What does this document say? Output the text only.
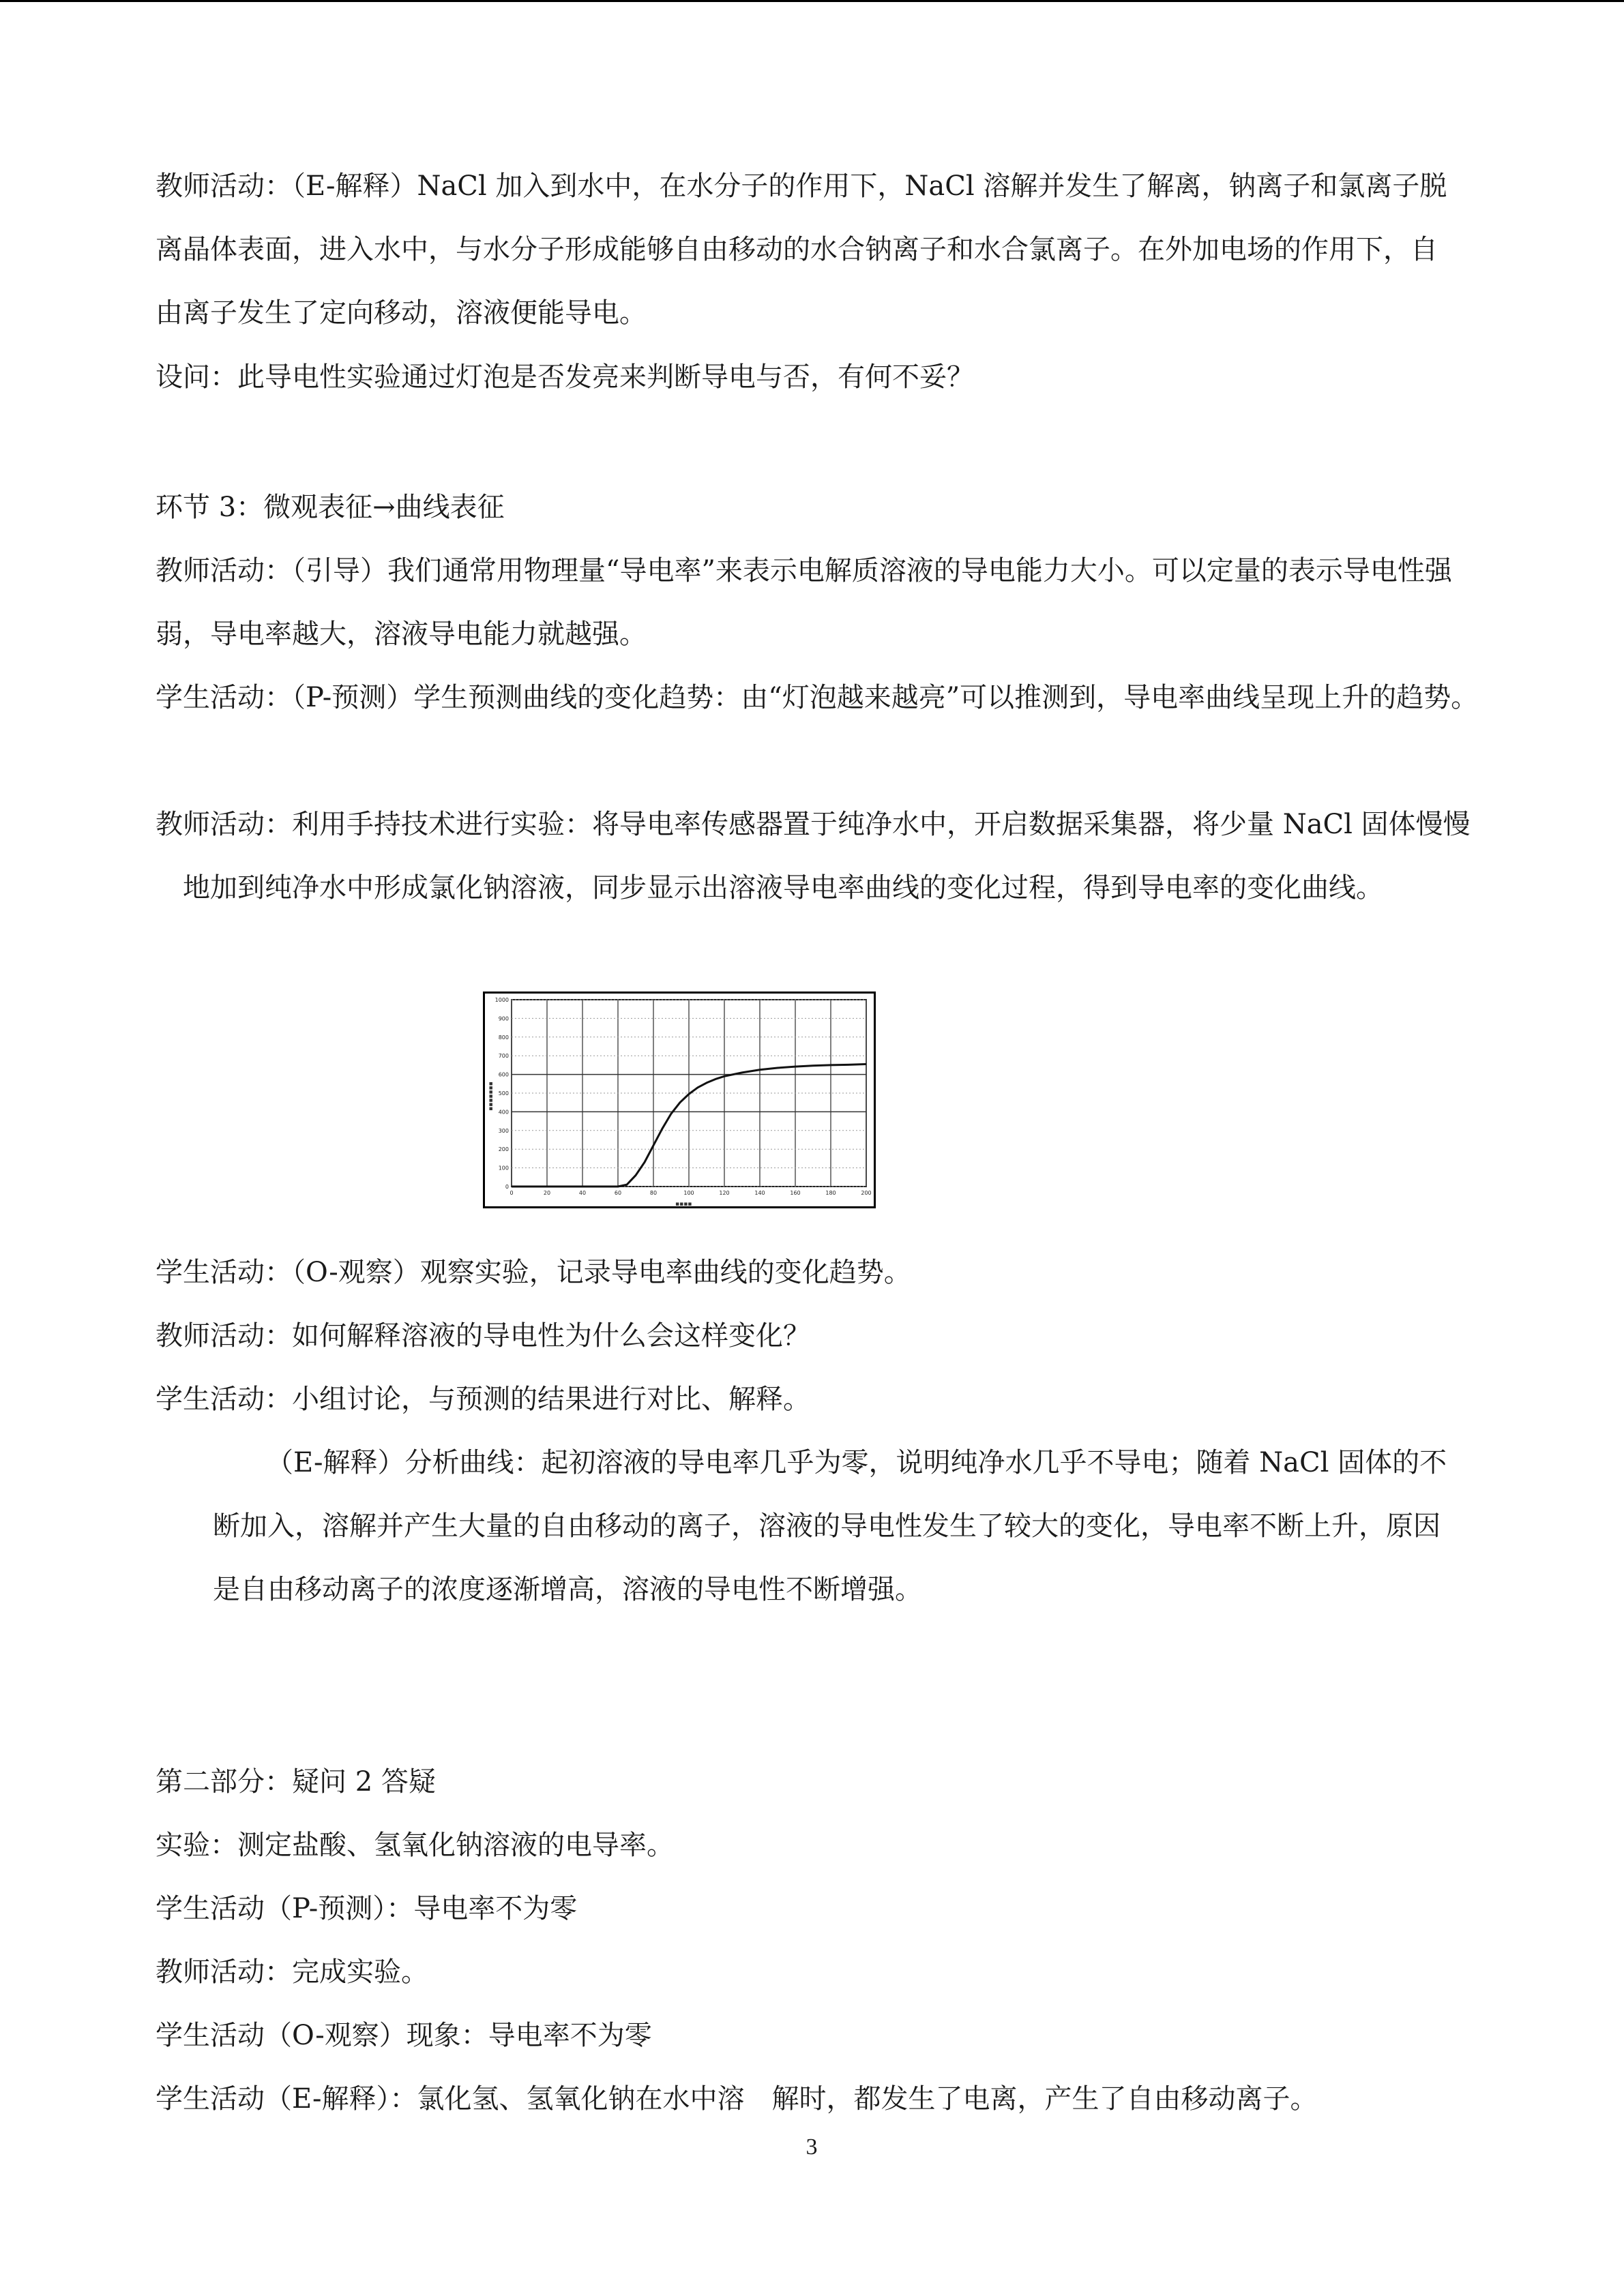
教师活动：（E-解释）NaCl 加入到水中，在水分子的作用下，NaCl 溶解并发生了解离，钠离子和氯离子脱离晶体表面，进入水中，与水分子形成能够自由移动的水合钠离子和水合氯离子。在外加电场的作用下，自由离子发生了定向移动，溶液便能导电。

设问：此导电性实验通过灯泡是否发亮来判断导电与否，有何不妥？

环节 3：微观表征→曲线表征

教师活动：（引导）我们通常用物理量“导电率”来表示电解质溶液的导电能力大小。可以定量的表示导电性强弱，导电率越大，溶液导电能力就越强。

学生活动：（P-预测）学生预测曲线的变化趋势：由“灯泡越来越亮”可以推测到，导电率曲线呈现上升的趋势。

教师活动：利用手持技术进行实验：将导电率传感器置于纯净水中，开启数据采集器，将少量 NaCl 固体慢慢地加到纯净水中形成氯化钠溶液，同步显示出溶液导电率曲线的变化过程，得到导电率的变化曲线。

0	20	40	60	80	100	120	140	160	180	200
0
100
200
300
400
500
600
700
800
900
1000
▪▪▪▪▪▪▪
▪▪▪▪

学生活动：（O-观察）观察实验，记录导电率曲线的变化趋势。

教师活动：如何解释溶液的导电性为什么会这样变化？

学生活动：小组讨论，与预测的结果进行对比、解释。

（E-解释）分析曲线：起初溶液的导电率几乎为零，说明纯净水几乎不导电；随着 NaCl 固体的不断加入，溶解并产生大量的自由移动的离子，溶液的导电性发生了较大的变化，导电率不断上升，原因是自由移动离子的浓度逐渐增高，溶液的导电性不断增强。

第二部分：疑问 2 答疑

实验：测定盐酸、氢氧化钠溶液的电导率。

学生活动（P-预测）：导电率不为零

教师活动：完成实验。

学生活动（O-观察）现象：导电率不为零

学生活动（E-解释）：氯化氢、氢氧化钠在水中溶　解时，都发生了电离，产生了自由移动离子。

3
